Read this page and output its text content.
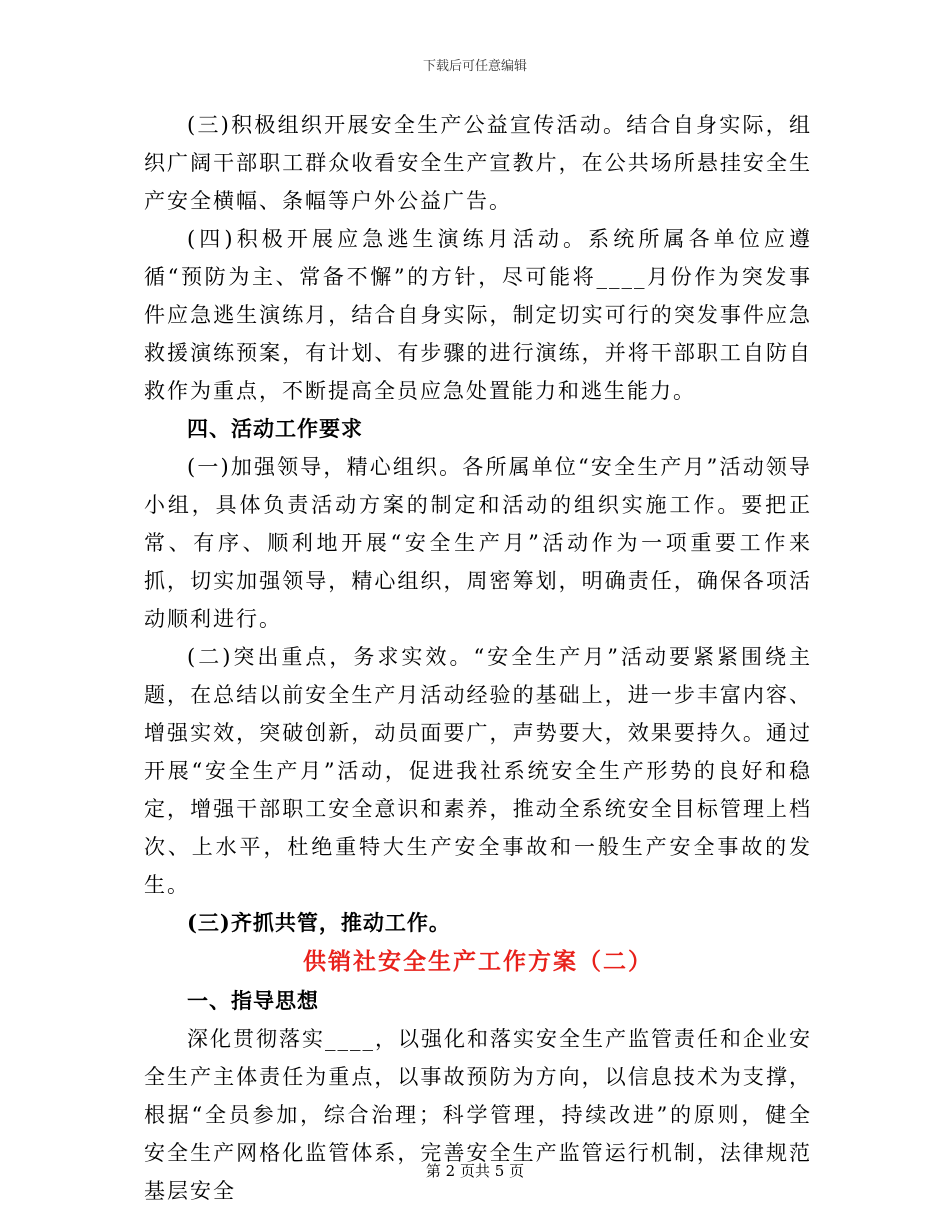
下载后可任意编辑

(三)积极组织开展安全生产公益宣传活动。结合自身实际，组织广阔干部职工群众收看安全生产宣教片，在公共场所悬挂安全生产安全横幅、条幅等户外公益广告。

(四)积极开展应急逃生演练月活动。系统所属各单位应遵循“预防为主、常备不懈”的方针，尽可能将____月份作为突发事件应急逃生演练月，结合自身实际，制定切实可行的突发事件应急救援演练预案，有计划、有步骤的进行演练，并将干部职工自防自救作为重点，不断提高全员应急处置能力和逃生能力。

四、活动工作要求

(一)加强领导，精心组织。各所属单位“安全生产月”活动领导小组，具体负责活动方案的制定和活动的组织实施工作。要把正常、有序、顺利地开展“安全生产月”活动作为一项重要工作来抓，切实加强领导，精心组织，周密筹划，明确责任，确保各项活动顺利进行。

(二)突出重点，务求实效。“安全生产月”活动要紧紧围绕主题，在总结以前安全生产月活动经验的基础上，进一步丰富内容、增强实效，突破创新，动员面要广，声势要大，效果要持久。通过开展“安全生产月”活动，促进我社系统安全生产形势的良好和稳定，增强干部职工安全意识和素养，推动全系统安全目标管理上档次、上水平，杜绝重特大生产安全事故和一般生产安全事故的发生。

(三)齐抓共管，推动工作。

供销社安全生产工作方案（二）

一、指导思想

深化贯彻落实____，以强化和落实安全生产监管责任和企业安全生产主体责任为重点，以事故预防为方向，以信息技术为支撑，根据“全员参加，综合治理；科学管理，持续改进”的原则，健全安全生产网格化监管体系，完善安全生产监管运行机制，法律规范基层安全

第 2 页共 5 页
